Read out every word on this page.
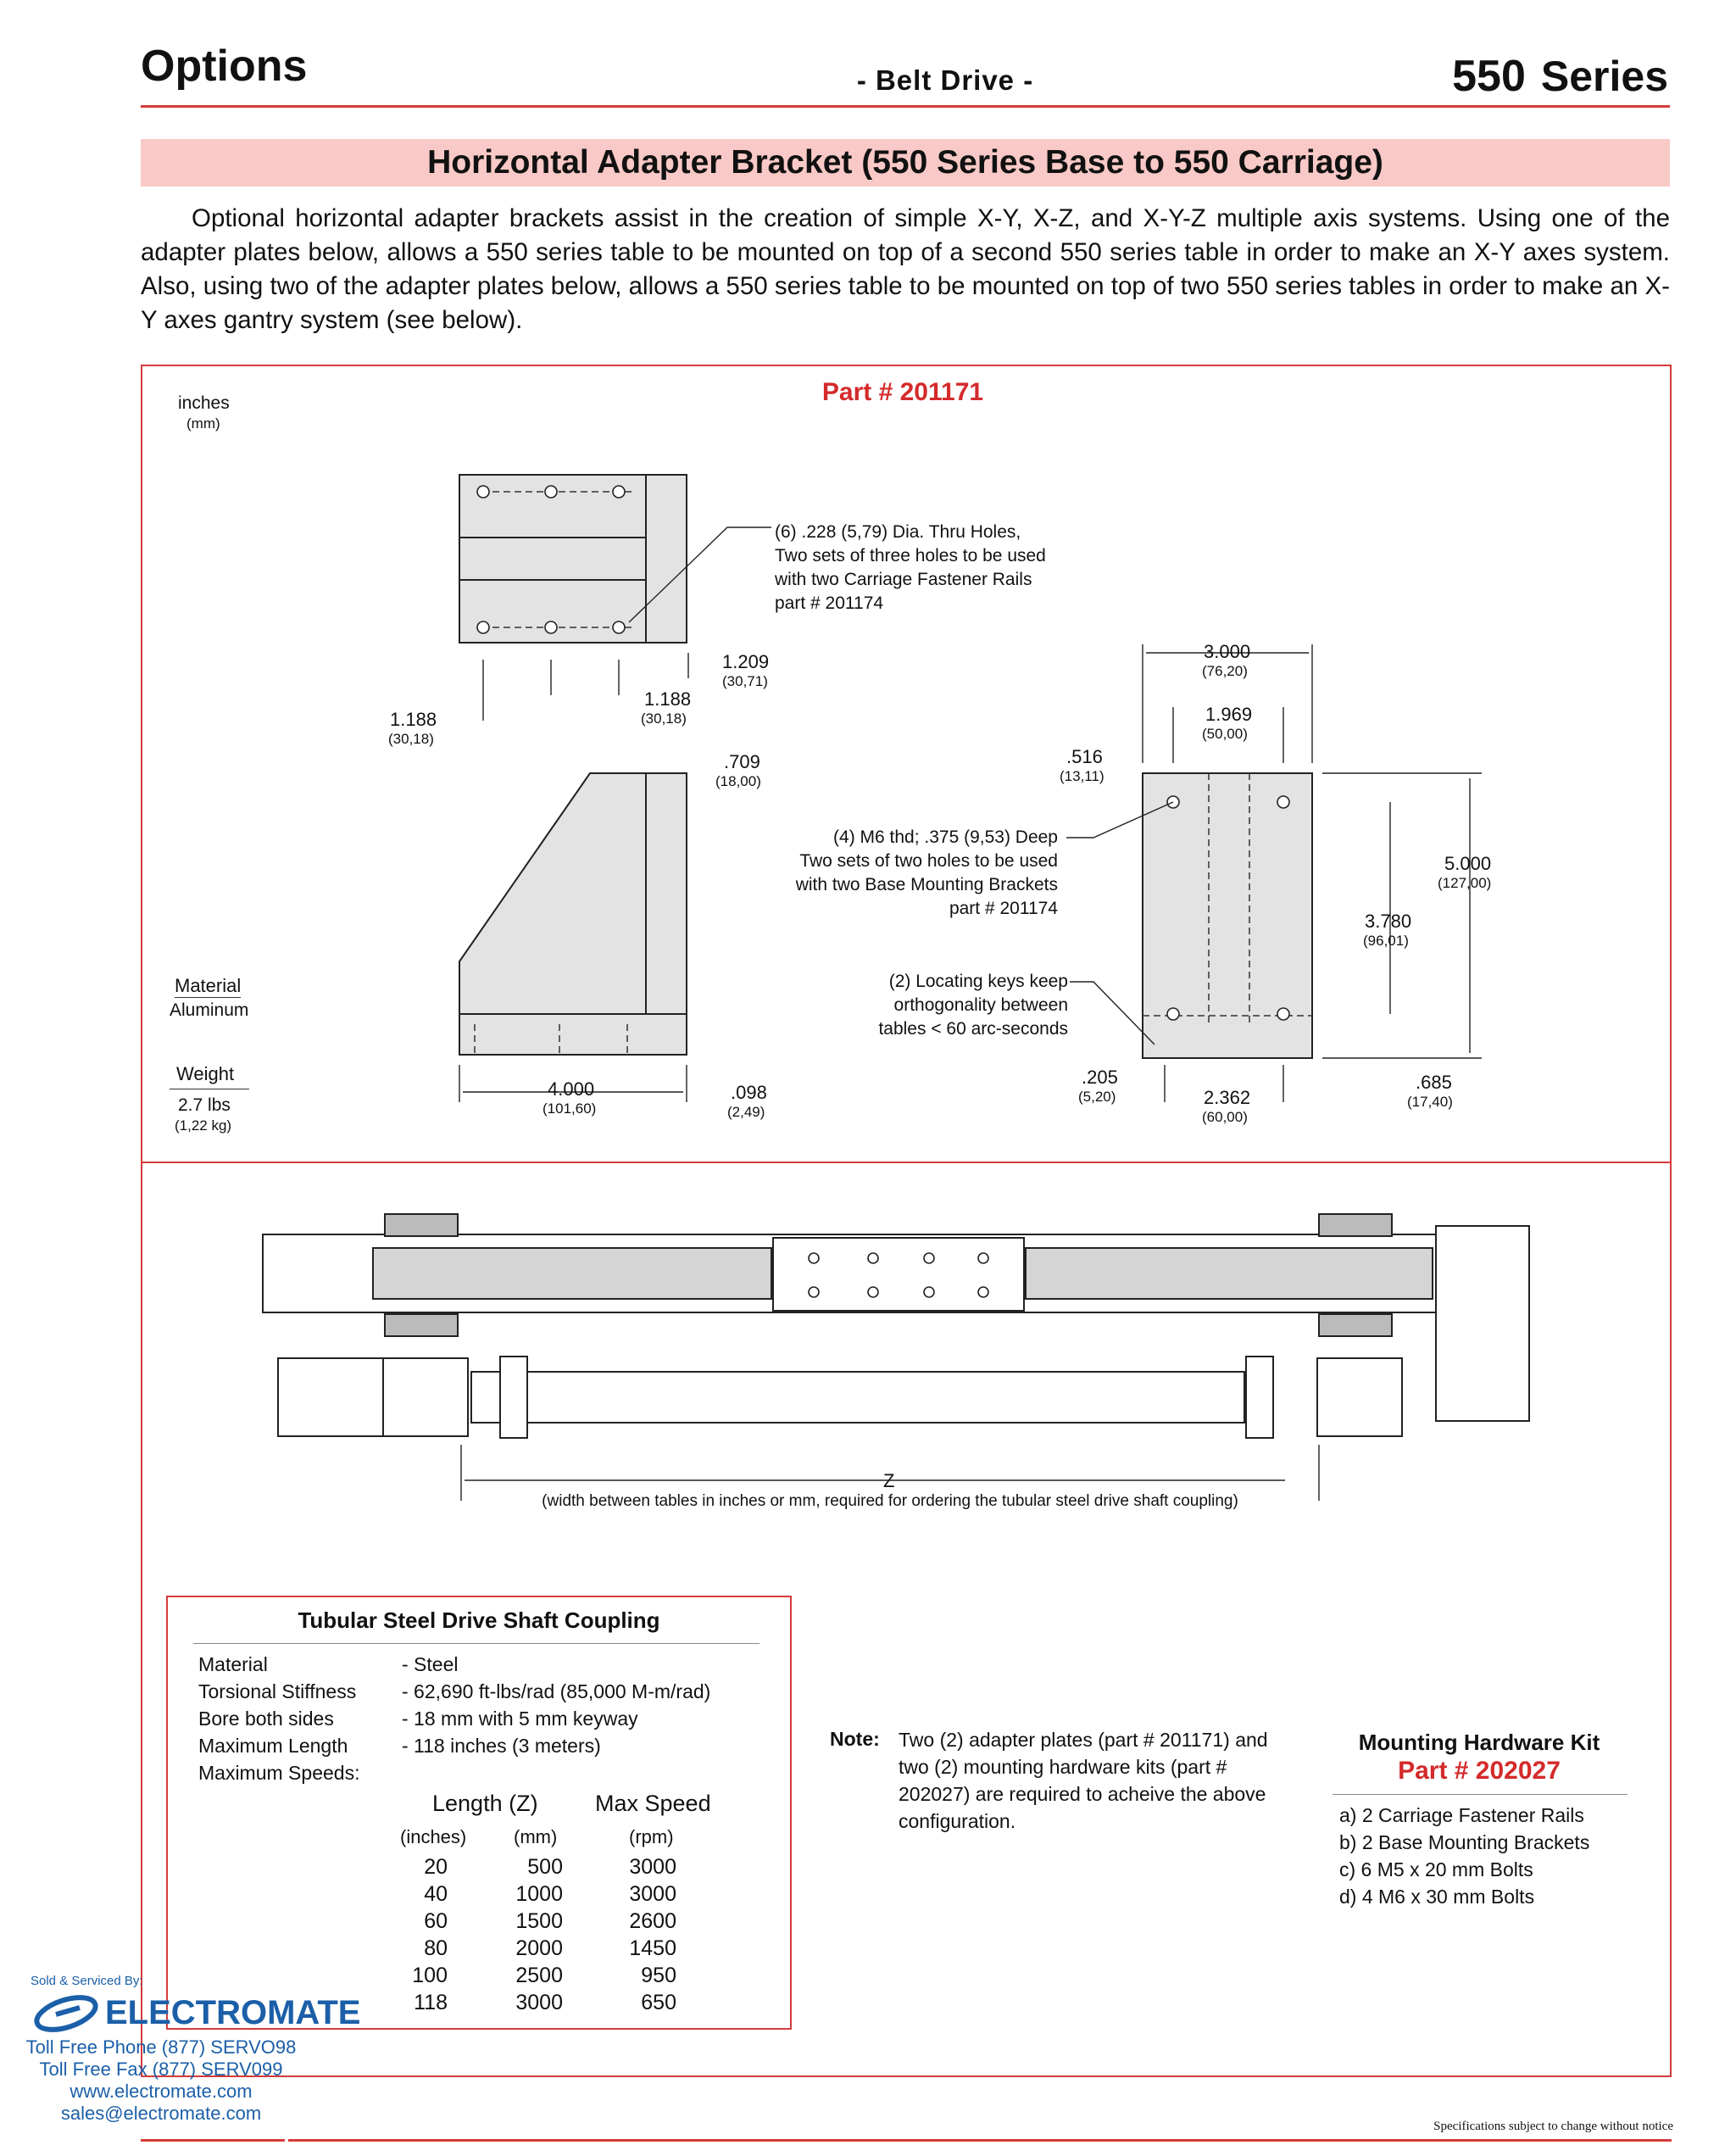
Options	- Belt Drive -	550 Series
Horizontal Adapter Bracket (550 Series Base to 550 Carriage)
Optional horizontal adapter brackets assist in the creation of simple X-Y, X-Z, and X-Y-Z multiple axis systems. Using one of the adapter plates below, allows a 550 series table to be mounted on top of a second 550 series table in order to make an X-Y axes system. Also, using two of the adapter plates below, allows a 550 series table to be mounted on top of two 550 series tables in order to make an X-Y axes gantry system (see below).
Part # 201171
inches
(mm)
Material
Aluminum
Weight
2.7 lbs
(1,22 kg)
1.209
(30,71)
1.188
(30,18)
1.188
(30,18)
.709
(18,00)
4.000
(101,60)
.098
(2,49)
3.000
(76,20)
1.969
(50,00)
.516
(13,11)
5.000
(127,00)
3.780
(96,01)
.205
(5,20)	2.362
(60,00)
.685
(17,40)
(6) .228 (5,79) Dia. Thru Holes,
Two sets of three holes to be used
with two Carriage Fastener Rails
part # 201174
(4) M6 thd; .375 (9,53) Deep
Two sets of two holes to be used
with two Base Mounting Brackets
part # 201174
(2) Locating keys keep
orthogonality between
tables < 60 arc-seconds
Z
(width between tables in inches or mm, required for ordering the tubular steel drive shaft coupling)
Tubular Steel Drive Shaft Coupling
Material	- Steel
Torsional Stiffness - 62,690 ft-lbs/rad (85,000 M-m/rad)
Bore both sides	- 18 mm with 5 mm keyway
Maximum Length	- 118 inches (3 meters)
Maximum Speeds:
Length (Z) Max Speed
(inches)	(mm)	(rpm)
20	500	3000
40	1000	3000
60	1500	2600
80	2000	1450
100	2500	950
118	3000	650
Note: Two (2) adapter plates (part # 201171) and two (2) mounting hardware kits (part # 202027) are required to acheive the above configuration.
Mounting Hardware Kit
Part # 202027
a) 2 Carriage Fastener Rails
b) 2 Base Mounting Brackets
c) 6 M5 x 20 mm Bolts
d) 4 M6 x 30 mm Bolts
Specifications subject to change without notice
Sold & Serviced By:
ELECTROMATE
Toll Free Phone (877) SERVO98
Toll Free Fax (877) SERV099
www.electromate.com
sales@electromate.com
